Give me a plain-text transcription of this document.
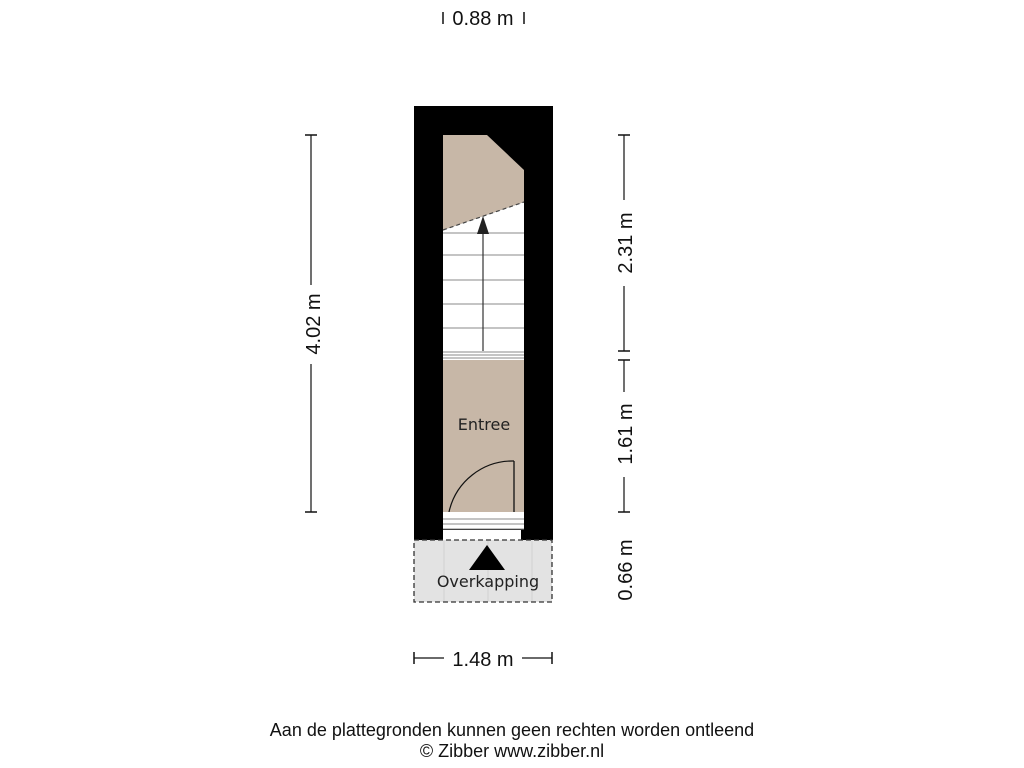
0.88 m
Entree
Overkapping
4.02 m
2.31 m
1.61 m
0.66 m
1.48 m
Aan de plattegronden kunnen geen rechten worden ontleend
© Zibber www.zibber.nl
